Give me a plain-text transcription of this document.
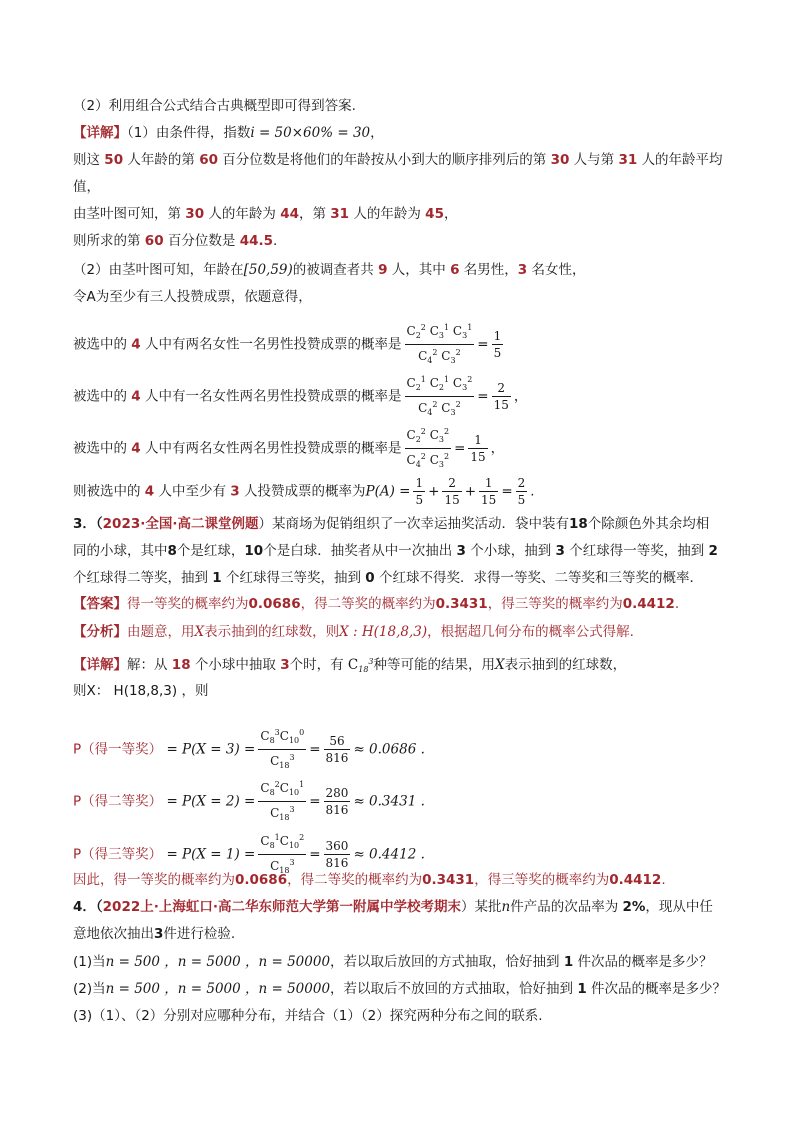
（2）利用组合公式结合古典概型即可得到答案.
【详解】（1）由条件得，指数i = 50×60% = 30，
则这 50 人年龄的第 60 百分位数是将他们的年龄按从小到大的顺序排列后的第 30 人与第 31 人的年龄平均
值，
由茎叶图可知，第 30 人的年龄为 44，第 31 人的年龄为 45，
则所求的第 60 百分位数是 44.5.
（2）由茎叶图可知，年龄在[50,59)的被调查者共 9 人，其中 6 名男性，3 名女性，
令A为至少有三人投赞成票，依题意得，
被选中的 4 人中有两名女性一名男性投赞成票的概率是 $\frac{C_2^2 C_3^1 C_3^1}{C_4^2 C_3^2} = \frac{1}{5}$
被选中的 4 人中有一名女性两名男性投赞成票的概率是 $\frac{C_2^1 C_2^1 C_3^2}{C_4^2 C_3^2} = \frac{2}{15}$ ，
被选中的 4 人中有两名女性两名男性投赞成票的概率是 $\frac{C_2^2 C_3^2}{C_4^2 C_3^2} = \frac{1}{15}$ ，
则被选中的 4 人中至少有 3 人投赞成票的概率为$P(A) = \frac{1}{5} + \frac{2}{15} + \frac{1}{15} = \frac{2}{5}$ .
3．（2023·全国·高二课堂例题）某商场为促销组织了一次幸运抽奖活动．袋中装有18个除颜色外其余均相
同的小球，其中8个是红球，10个是白球．抽奖者从中一次抽出 3 个小球，抽到 3 个红球得一等奖，抽到 2
个红球得二等奖，抽到 1 个红球得三等奖，抽到 0 个红球不得奖．求得一等奖、二等奖和三等奖的概率．
【答案】得一等奖的概率约为0.0686，得二等奖的概率约为0.3431，得三等奖的概率约为0.4412.
【分析】由题意，用X表示抽到的红球数，则X : H(18,8,3)，根据超几何分布的概率公式得解.
【详解】解：从 18 个小球中抽取 3个时，有 $C_{18}^3$种等可能的结果，用X表示抽到的红球数，
则X： H(18,8,3) ，则
P（得一等奖） = $P(X = 3) = \frac{C_8^3C_{10}^0}{C_{18}^3} = \frac{56}{816} \approx 0.0686$ .
P（得二等奖） = $P(X = 2) = \frac{C_8^2C_{10}^1}{C_{18}^3} = \frac{280}{816} \approx 0.3431$ .
P（得三等奖） = $P(X = 1) = \frac{C_8^1C_{10}^2}{C_{18}^3} = \frac{360}{816} \approx 0.4412$ .
因此，得一等奖的概率约为0.0686，得二等奖的概率约为0.3431，得三等奖的概率约为0.4412.
4．（2022上·上海虹口·高二华东师范大学第一附属中学校考期末）某批n件产品的次品率为 2%，现从中任
意地依次抽出3件进行检验.
(1)当n = 500 ，n = 5000 ，n = 50000，若以取后放回的方式抽取，恰好抽到 1 件次品的概率是多少？
(2)当n = 500 ，n = 5000 ，n = 50000，若以取后不放回的方式抽取，恰好抽到 1 件次品的概率是多少？
(3)（1）、（2）分别对应哪种分布，并结合（1）（2）探究两种分布之间的联系.
